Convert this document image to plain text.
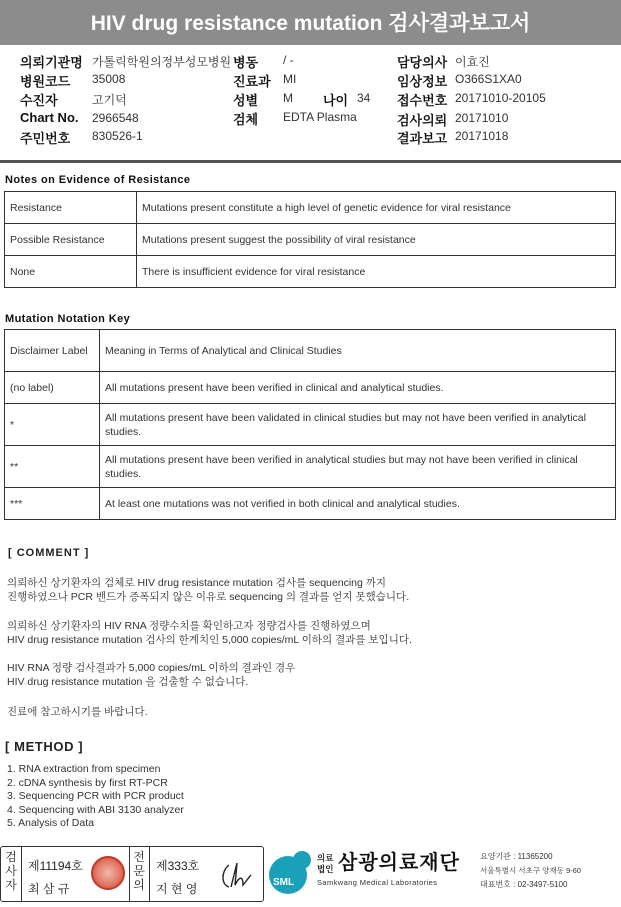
HIV drug resistance mutation 검사결과보고서
의뢰기관명 가톨릭학원의정부성모병원 병동 / -	담당의사 이효진
병원코드 35008	진료과 MI	임상정보 O366S1XA0
수진자	고기덕	성별 M 나이 34 접수번호 20171010-20105
Chart No. 2966548	검체 EDTA Plasma	검사의뢰 20171010
주민번호 830526-1	결과보고 20171018
Notes on Evidence of Resistance
Resistance	Mutations present constitute a high level of genetic evidence for viral resistance
Possible Resistance	Mutations present suggest the possibility of viral resistance
None	There is insufficient evidence for viral resistance
Mutation Notation Key
Disclaimer Label	Meaning in Terms of Analytical and Clinical Studies
(no label)	All mutations present have been verified in clinical and analytical studies.
*	All mutations present have been validated in clinical studies but may not have been verified in analytical studies.
**	All mutations present have been verified in analytical studies but may not have been verified in clinical studies.
***	At least one mutations was not verified in both clinical and analytical studies.
[ COMMENT ]
의뢰하신 상기환자의 검체로 HIV drug resistance mutation 검사를 sequencing 까지
진행하였으나 PCR 밴드가 증폭되지 않은 이유로 sequencing 의 결과를 얻지 못했습니다.
의뢰하신 상기환자의 HIV RNA 정량수치를 확인하고자 정량검사를 진행하였으며
HIV drug resistance mutation 검사의 한계치인 5,000 copies/mL 이하의 결과를 보입니다.
HIV RNA 정량 검사결과가 5,000 copies/mL 이하의 결과인 경우
HIV drug resistance mutation 을 검출할 수 없습니다.
진료에 참고하시기를 바랍니다.
[ METHOD ]
1. RNA extraction from specimen
2. cDNA synthesis by first RT-PCR
3. Sequencing PCR with PCR product
4. Sequencing with ABI 3130 analyzer
5. Analysis of Data
검사자
제11194호
최 삼 규
전문의
제333호
지 현 영	SML
의료
법인 삼광의료재단
Samkwang Medical Laboratories
요양기관 : 11365200
서울특별시 서초구 양재동 9-60
대표번호 : 02-3497-5100
